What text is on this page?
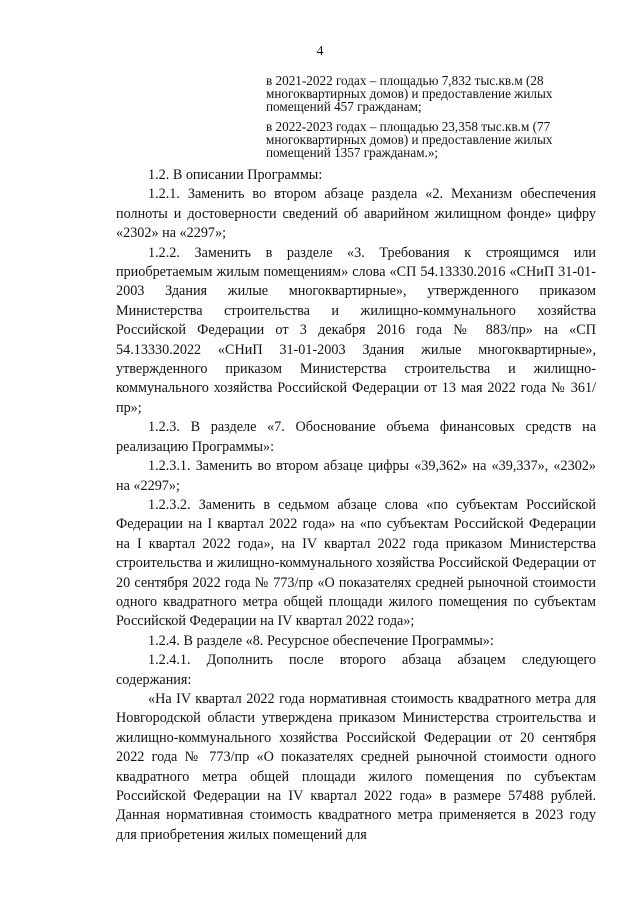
4
в 2021-2022 годах – площадью 7,832 тыс.кв.м (28 многоквартирных домов) и предоставление жилых помещений 457 гражданам;
в 2022-2023 годах – площадью 23,358 тыс.кв.м (77 многоквартирных домов) и предоставление жилых помещений 1357 гражданам.»;

1.2. В описании Программы:

1.2.1. Заменить во втором абзаце раздела «2. Механизм обеспечения полноты и достоверности сведений об аварийном жилищном фонде» цифру «2302» на «2297»;

1.2.2. Заменить в разделе «3. Требования к строящимся или приобретаемым жилым помещениям» слова «СП 54.13330.2016 «СНиП 31-01-2003 Здания жилые многоквартирные», утвержденного приказом Министерства строительства и жилищно-коммунального хозяйства Российской Федерации от 3 декабря 2016 года № 883/пр» на «СП 54.13330.2022 «СНиП 31-01-2003 Здания жилые многоквартирные», утвержденного приказом Министерства строительства и жилищно-коммунального хозяйства Российской Федерации от 13 мая 2022 года № 361/пр»;

1.2.3. В разделе «7. Обоснование объема финансовых средств на реализацию Программы»:

1.2.3.1. Заменить во втором абзаце цифры «39,362» на «39,337», «2302» на «2297»;

1.2.3.2. Заменить в седьмом абзаце слова «по субъектам Российской Федерации на I квартал 2022 года» на «по субъектам Российской Федерации на I квартал 2022 года», на IV квартал 2022 года приказом Министерства строительства и жилищно-коммунального хозяйства Российской Федерации от 20 сентября 2022 года № 773/пр «О показателях средней рыночной стоимости одного квадратного метра общей площади жилого помещения по субъектам Российской Федерации на IV квартал 2022 года»;

1.2.4. В разделе «8. Ресурсное обеспечение Программы»:

1.2.4.1. Дополнить после второго абзаца абзацем следующего содержания:

«На IV квартал 2022 года нормативная стоимость квадратного метра для Новгородской области утверждена приказом Министерства строительства и жилищно-коммунального хозяйства Российской Федерации от 20 сентября 2022 года № 773/пр «О показателях средней рыночной стоимости одного квадратного метра общей площади жилого помещения по субъектам Российской Федерации на IV квартал 2022 года» в размере 57488 рублей. Данная нормативная стоимость квадратного метра применяется в 2023 году для приобретения жилых помещений для
